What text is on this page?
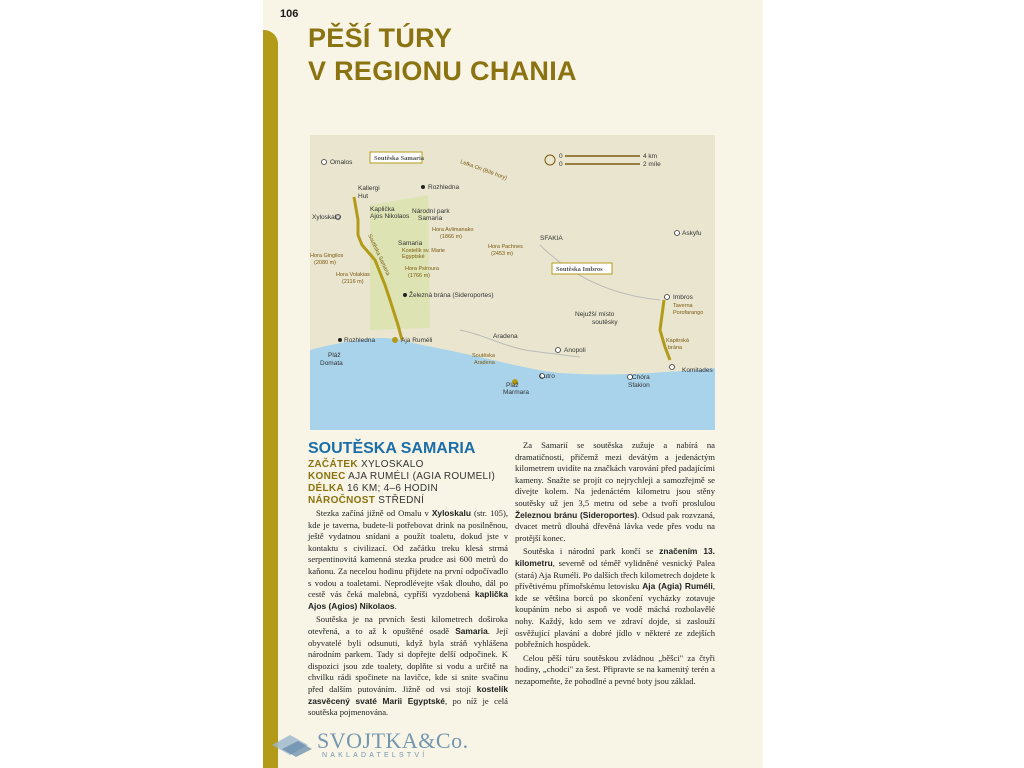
106
PĚŠÍ TÚRY
V REGIONU CHANIA
Soutěska Samaria
Soutěska Imbros
Omalos	Lefka Ori (Bílé hory)
0
0
4 km
2 míle
Kallergi
Hut
Rozhledna
Kaplička
Ajos Nikolaos
Xyloskalo
Národní park
Samaria
Hora Avlimanako
(1866 m)
Samaria
Kostelík sv. Marie
Egyptské
Hora Pachnes
(2453 m)
SFAKIA
Askyfu
Hora Gingilos
(2080 m)
Hora Volakias
(2116 m)
Hora Psiroura
(1766 m)
Soutěska Samaria
Železná brána (Sideroportes)	Imbros
Taverna
Porofarango
Nejužší místo
soutěsky
Kapitrská
brána
Komitades
Aradena
Anopoli
Soutěska
Aradena
Rozhledna	Aja Ruméli
Pláž
Domata
Pláž
Marmara
Lutro	Chóra
Sfakion
SOUTĚSKA SAMARIA
ZAČÁTEK XYLOSKALO
KONEC AJA RUMÉLI (AGIA ROUMELI)
DÉLKA 16 KM; 4–6 HODIN
NÁROČNOST STŘEDNÍ

Stezka začíná jižně od Omalu v Xyloskalu (str. 105), kde je taverna, budete-li potřebovat drink na posilněnou, ještě vydatnou snídani a použít toaletu, dokud jste v kontaktu s civilizací. Od začátku treku klesá strmá serpentinovitá kamenná stezka prudce asi 600 metrů do kaňonu. Za necelou hodinu přijdete na první odpočívadlo s vodou a toaletami. Neprodlévejte však dlouho, dál po cestě vás čeká malebná, cypříši vyzdobená kaplička Ajos (Agios) Nikolaos.

Soutěska je na prvních šesti kilometrech doširoka otevřená, a to až k opuštěné osadě Samaria. Její obyvatelé byli odsunuti, když byla stráň vyhlášena národním parkem. Tady si dopřejte delší odpočinek. K dispozici jsou zde toalety, doplňte si vodu a určitě na chvilku rádi spočinete na lavičce, kde si snite svačinu před dalším putováním. Jižně od vsi stojí kostelík zasvěcený svaté Marii Egyptské, po níž je celá soutěska pojmenována.

Za Samarií se soutěska zužuje a nabírá na dramatičnosti, přičemž mezi devátým a jedenáctým kilometrem uvidíte na značkách varování před padajícími kameny. Snažte se projít co nejrychleji a samozřejmě se dívejte kolem. Na jedenáctém kilometru jsou stěny soutěsky už jen 3,5 metru od sebe a tvoří proslulou Železnou bránu (Sideroportes). Odsud pak rozvzaná, dvacet metrů dlouhá dřevěná lávka vede přes vodu na protější konec.

Soutěska i národní park končí se značením 13. kilometru, severně od téměř vylidněné vesnický Palea (stará) Aja Ruméli. Po dalších třech kilometrech dojdete k přívětivému přímořskému letovisku Aja (Agia) Ruméli, kde se většina borců po skončení vycházky zotavuje koupáním nebo si aspoň ve vodě máchá rozbolavělé nohy. Každý, kdo sem ve zdraví dojde, si zaslouží osvěžující plavání a dobré jídlo v některé ze zdejších pobřežních hospůdek.

Celou pěší túru soutěskou zvládnou „běšci" za čtyři hodiny, „chodci" za šest. Připravte se na kamenitý terén a nezapomeňte, že pohodlné a pevné boty jsou základ.

SVOJTKA&Co.
NAKLADATELSTVÍ
